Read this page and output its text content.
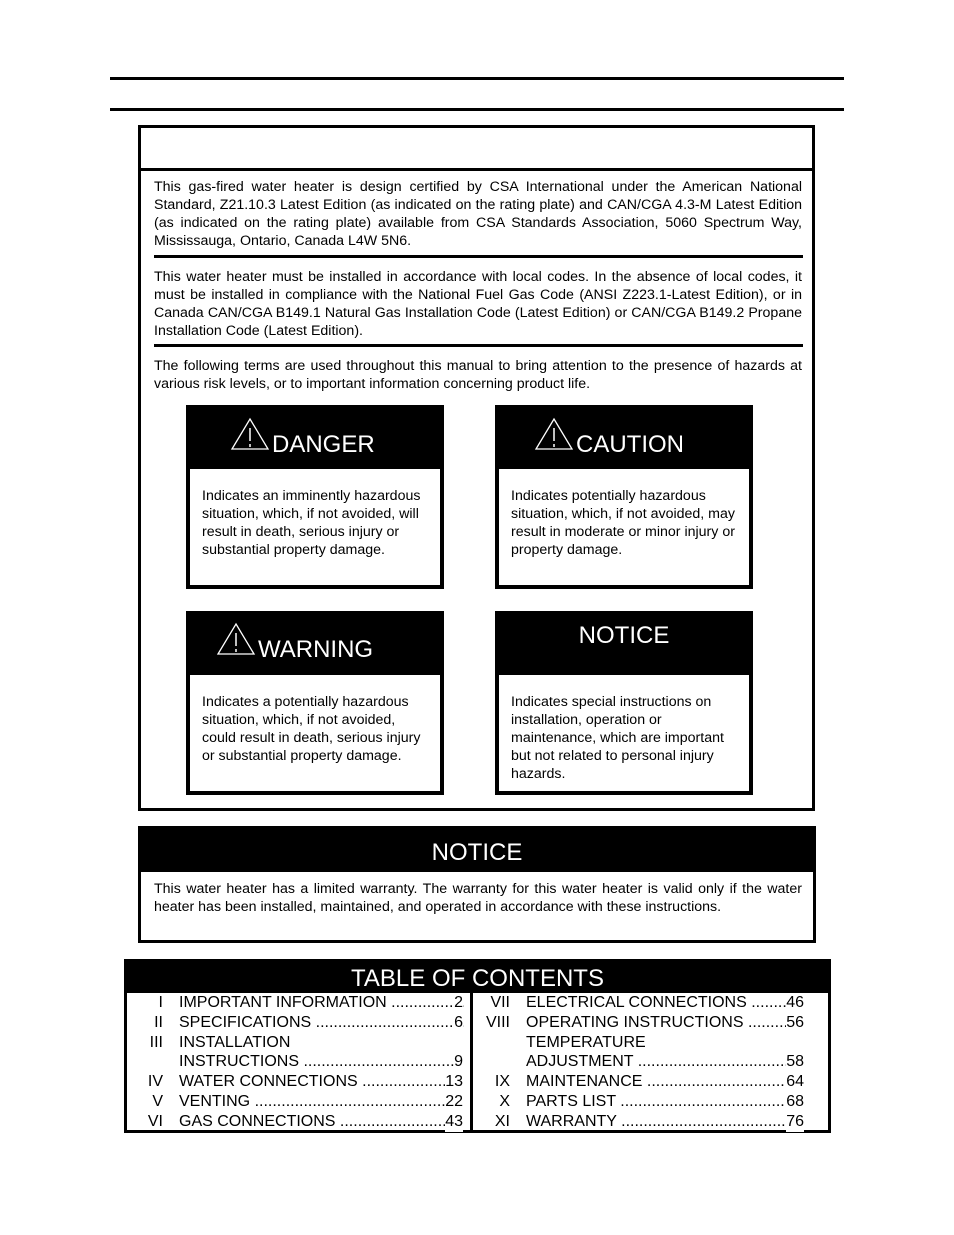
This gas-fired water heater is design certified by CSA International under the American National Standard, Z21.10.3 Latest Edition (as indicated on the rating plate) and CAN/CGA 4.3-M Latest Edition (as indicated on the rating plate) available from CSA Standards Association, 5060 Spectrum Way, Mississauga, Ontario, Canada L4W 5N6.
This water heater must be installed in accordance with local codes. In the absence of local codes, it must be installed in compliance with the National Fuel Gas Code (ANSI Z223.1-Latest Edition), or in Canada CAN/CGA B149.1 Natural Gas Installation Code (Latest Edition) or CAN/CGA B149.2 Propane Installation Code (Latest Edition).
The following terms are used throughout this manual to bring attention to the presence of hazards at various risk levels, or to important information concerning product life.
DANGER
Indicates an imminently hazardous situation, which, if not avoided, will result in death, serious injury or substantial property damage.
CAUTION
Indicates potentially hazardous situation, which, if not avoided, may result in moderate or minor injury or property damage.
WARNING
Indicates a potentially hazardous situation, which, if not avoided, could result in death, serious injury or substantial property damage.
NOTICE
Indicates special instructions on installation, operation or maintenance, which are important but not related to personal injury hazards.
NOTICE
This water heater has a limited warranty. The warranty for this water heater is valid only if the water heater has been installed, maintained, and operated in accordance with these instructions.
TABLE OF CONTENTS
I IMPORTANT INFORMATION .....	2
II SPECIFICATIONS .....	6
III INSTALLATION
INSTRUCTIONS .....	9
IV WATER CONNECTIONS .....	13
V VENTING .....	22
VI GAS CONNECTIONS .....	43
VII ELECTRICAL CONNECTIONS .....	46
VIII OPERATING INSTRUCTIONS .....	56
TEMPERATURE
ADJUSTMENT .....	58
IX MAINTENANCE .....	64
X PARTS LIST .....	68
XI WARRANTY .....	76
